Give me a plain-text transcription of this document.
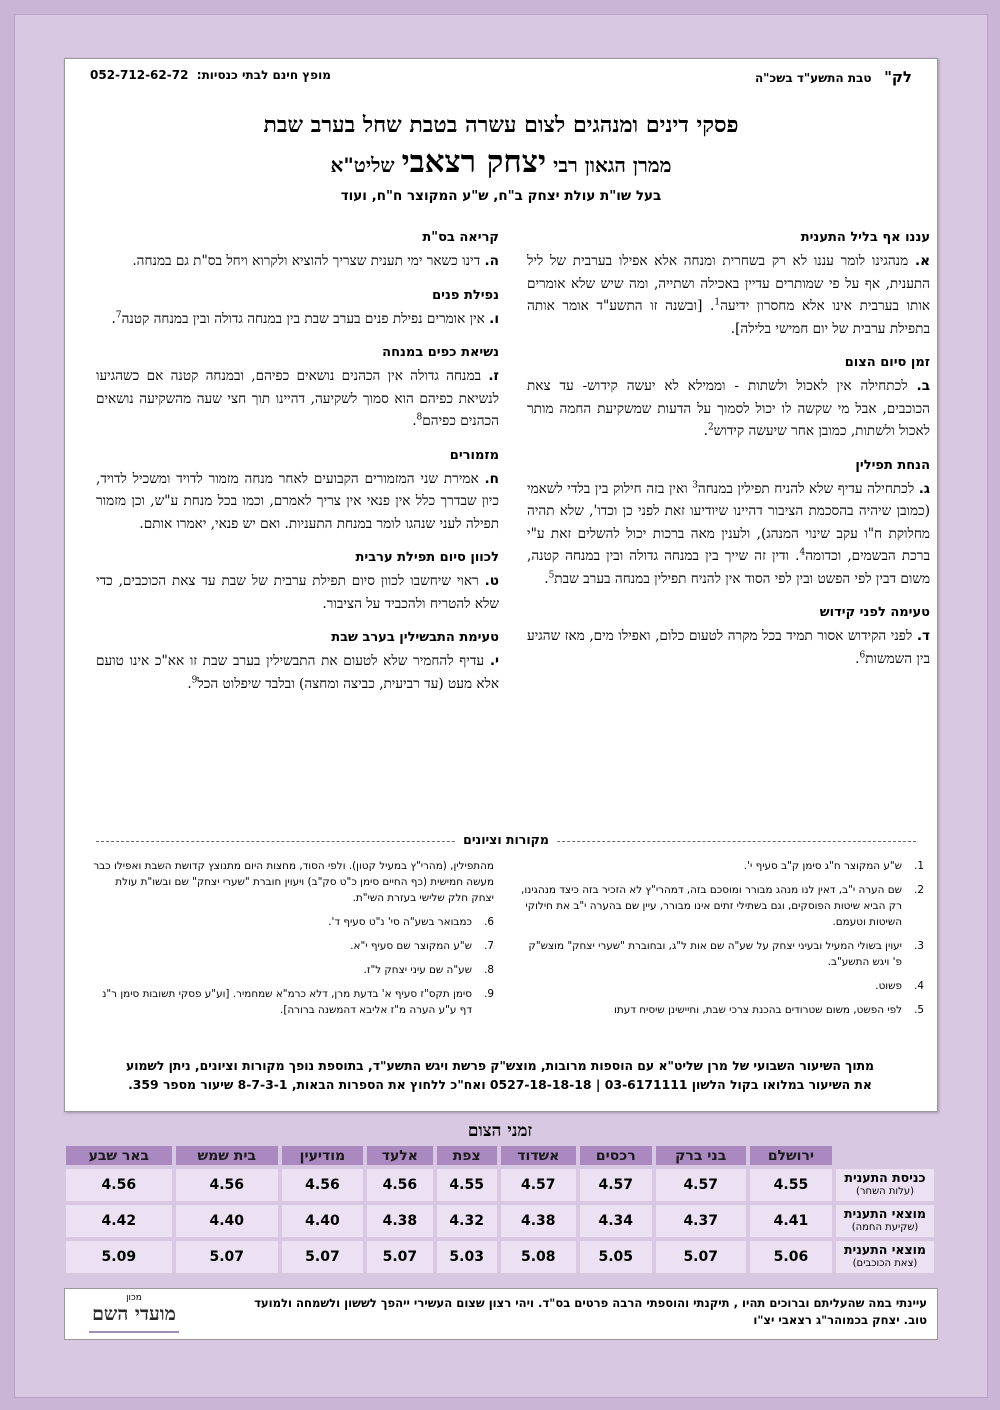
לק"   טבת התשע"ד בשכ"ה
052-712-62-72 מופץ חינם לבתי כנסיות:
פסקי דינים ומנהגים לצום עשרה בטבת שחל בערב שבת
ממרן הגאון רבי יצחק רצאבי שליט"א
בעל שו"ת עולת יצחק ב"ח, ש"ע המקוצר ח"ח, ועוד
עננו אף בליל התענית
א. מנהגינו לומר עננו לא רק בשחרית ומנחה אלא אפילו בערבית של ליל התענית, אף על פי שמותרים עדיין באכילה ושתייה, ומה שיש שלא אומרים אותו בערבית אינו אלא מחסרון ידיעה$^1$. [ובשנה זו התשע"ד אומר אותה בתפילת ערבית של יום חמישי בלילה].
זמן סיום הצום
ב. לכתחילה אין לאכול ולשתות - וממילא לא יעשה קידוש- עד צאת הכוכבים, אבל מי שקשה לו יכול לסמוך על הדעות שמשקיעת החמה מותר לאכול ולשתות, כמובן אחר שיעשה קידוש$^2$.
הנחת תפילין
ג. לכתחילה עדיף שלא להניח תפילין במנחה$^3$ ואין בזה חילוק בין בלדי לשאמי (כמובן שיהיה בהסכמת הציבור דהיינו שיודיעו זאת לפני כן וכדו', שלא תהיה מחלוקת ח"ו עקב שינוי המנהג), ולענין מאה ברכות יכול להשלים זאת ע"י ברכת הבשמים, וכדומה$^4$. ודין זה שייך בין במנחה גדולה ובין במנחה קטנה, משום דבין לפי הפשט ובין לפי הסוד אין להניח תפילין במנחה בערב שבת$^5$.
טעימה לפני קידוש
ד. לפני הקידוש אסור תמיד בכל מקרה לטעום כלום, ואפילו מים, מאז שהגיע בין השמשות$^6$.
קריאה בס"ת
ה. דינו כשאר ימי תענית שצריך להוציא ולקרוא ויחל בס"ת גם במנחה.
נפילת פנים
ו. אין אומרים נפילת פנים בערב שבת בין במנחה גדולה ובין במנחה קטנה$^7$.
נשיאת כפים במנחה
ז. במנחה גדולה אין הכהנים נושאים כפיהם, ובמנחה קטנה אם כשהגיעו לנשיאת כפיהם הוא סמוך לשקיעה, דהיינו תוך חצי שעה מהשקיעה נושאים הכהנים כפיהם$^8$.
מזמורים
ח. אמירת שני המזמורים הקבועים לאחר מנחה מזמור לדויד ומשכיל לדויד, כיון שבדרך כלל אין פנאי אין צריך לאמרם, וכמו בכל מנחת ע"ש, וכן מזמור תפילה לעני שנהגו לומר במנחת התעניות. ואם יש פנאי, יאמרו אותם.
לכוון סיום תפילת ערבית
ט. ראוי שיחשבו לכוון סיום תפילת ערבית של שבת עד צאת הכוכבים, כדי שלא להטריח ולהכביד על הציבור.
טעימת התבשילין בערב שבת
י. עדיף להחמיר שלא לטעום את התבשילין בערב שבת זו אא"כ אינו טועם אלא מעט (עד רביעית, כביצה ומחצה) ובלבד שיפלוט הכל$^9$.
מקורות וציונים
1.
ש"ע המקוצר ח"ג סימן ק"ב סעיף י'.
2.
שם הערה י"ב, דאין לנו מנהג מבורר ומוסכם בזה, דמהרי"ץ לא הזכיר בזה כיצד מנהגינו, רק הביא שיטות הפוסקים, וגם בשתילי זתים אינו מבורר, עיין שם בהערה י"ב את חילוקי השיטות וטעמם.
3.
יעוין בשולי המעיל ובעיני יצחק על שע"ה שם אות ל"ג, ובחוברת "שערי יצחק" מוצש"ק פ' ויגש התשע"ב.
4.
פשוט.
5.
לפי הפשט, משום שטרודים בהכנת צרכי שבת, וחיישינן שיסיח דעתו
מהתפילין, (מהרי"ץ במעיל קטון). ולפי הסוד, מחצות היום מתנוצץ קדושת השבת ואפילו כבר מעשה חמישית (כף החיים סימן כ"ט סק"ב) ויעוין חוברת "שערי יצחק" שם ובשו"ת עולת יצחק חלק שלישי בעזרת השי"ת.
6.
כמבואר בשע"ה סי' נ"ט סעיף ד'.
7.
ש"ע המקוצר שם סעיף י"א.
8.
שע"ה שם עיני יצחק ל"ז.
9.
סימן תקס"ז סעיף א' בדעת מרן, דלא כרמ"א שמחמיר. [וע"ע פסקי תשובות סימן ר"נ דף ע"ע הערה מ"ז אליבא דהמשנה ברורה].
מתוך השיעור השבועי של מרן שליט"א עם הוספות מרובות, מוצש"ק פרשת ויגש התשע"ד, בתוספת נופך מקורות וציונים, ניתן לשמוע
את השיעור במלואו בקול הלשון 03-6171111 | 0527-18-18-18 ואח"כ ללחוץ את הספרות הבאות, 8-7-3-1 שיעור מספר 359.
זמני הצום
	ירושלם	בני ברק	רכסים	אשדוד	צפת	אלעד	מודיעין	בית שמש	באר שבע
כניסת התענית
(עלות השחר)	4.55	4.57	4.57	4.57	4.55	4.56	4.56	4.56	4.56
מוצאי התענית
(שקיעת החמה)	4.41	4.37	4.34	4.38	4.32	4.38	4.40	4.40	4.42
מוצאי התענית
(צאת הכוכבים)	5.06	5.07	5.05	5.08	5.03	5.07	5.07	5.07	5.09
עיינתי במה שהעליתם וברוכים תהיו , תיקנתי והוספתי הרבה פרטים בס"ד. ויהי רצון שצום העשירי ייהפך לששון ולשמחה ולמועד טוב. יצחק בכמוהר"ג רצאבי יצ"ו
מכון
מועדי השם
